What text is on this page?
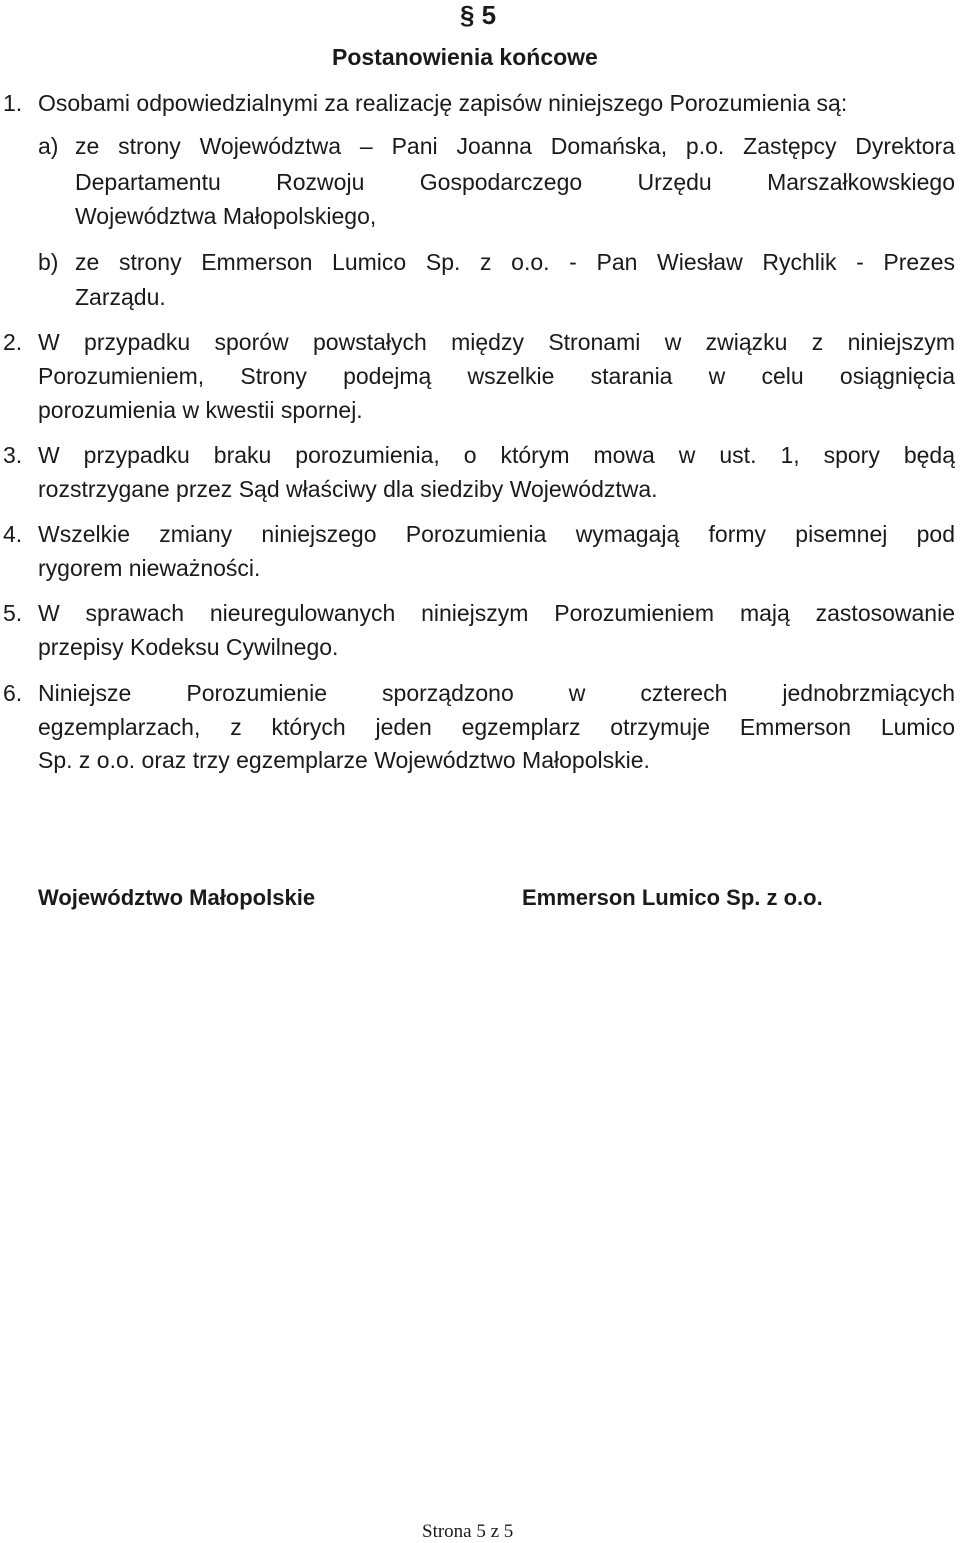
§ 5
Postanowienia końcowe
1. Osobami odpowiedzialnymi za realizację zapisów niniejszego Porozumienia są:
a) ze strony Województwa – Pani Joanna Domańska, p.o. Zastępcy Dyrektora
Departamentu Rozwoju Gospodarczego Urzędu Marszałkowskiego
Województwa Małopolskiego,
b) ze strony Emmerson Lumico Sp. z o.o. - Pan Wiesław Rychlik - Prezes
Zarządu.
2. W przypadku sporów powstałych między Stronami w związku z niniejszym
Porozumieniem, Strony podejmą wszelkie starania w celu osiągnięcia
porozumienia w kwestii spornej.
3. W przypadku braku porozumienia, o którym mowa w ust. 1, spory będą
rozstrzygane przez Sąd właściwy dla siedziby Województwa.
4. Wszelkie zmiany niniejszego Porozumienia wymagają formy pisemnej pod
rygorem nieważności.
5. W sprawach nieuregulowanych niniejszym Porozumieniem mają zastosowanie
przepisy Kodeksu Cywilnego.
6. Niniejsze Porozumienie sporządzono w czterech jednobrzmiących
egzemplarzach, z których jeden egzemplarz otrzymuje Emmerson Lumico
Sp. z o.o. oraz trzy egzemplarze Województwo Małopolskie.
Województwo Małopolskie	Emmerson Lumico Sp. z o.o.
Strona 5 z 5
